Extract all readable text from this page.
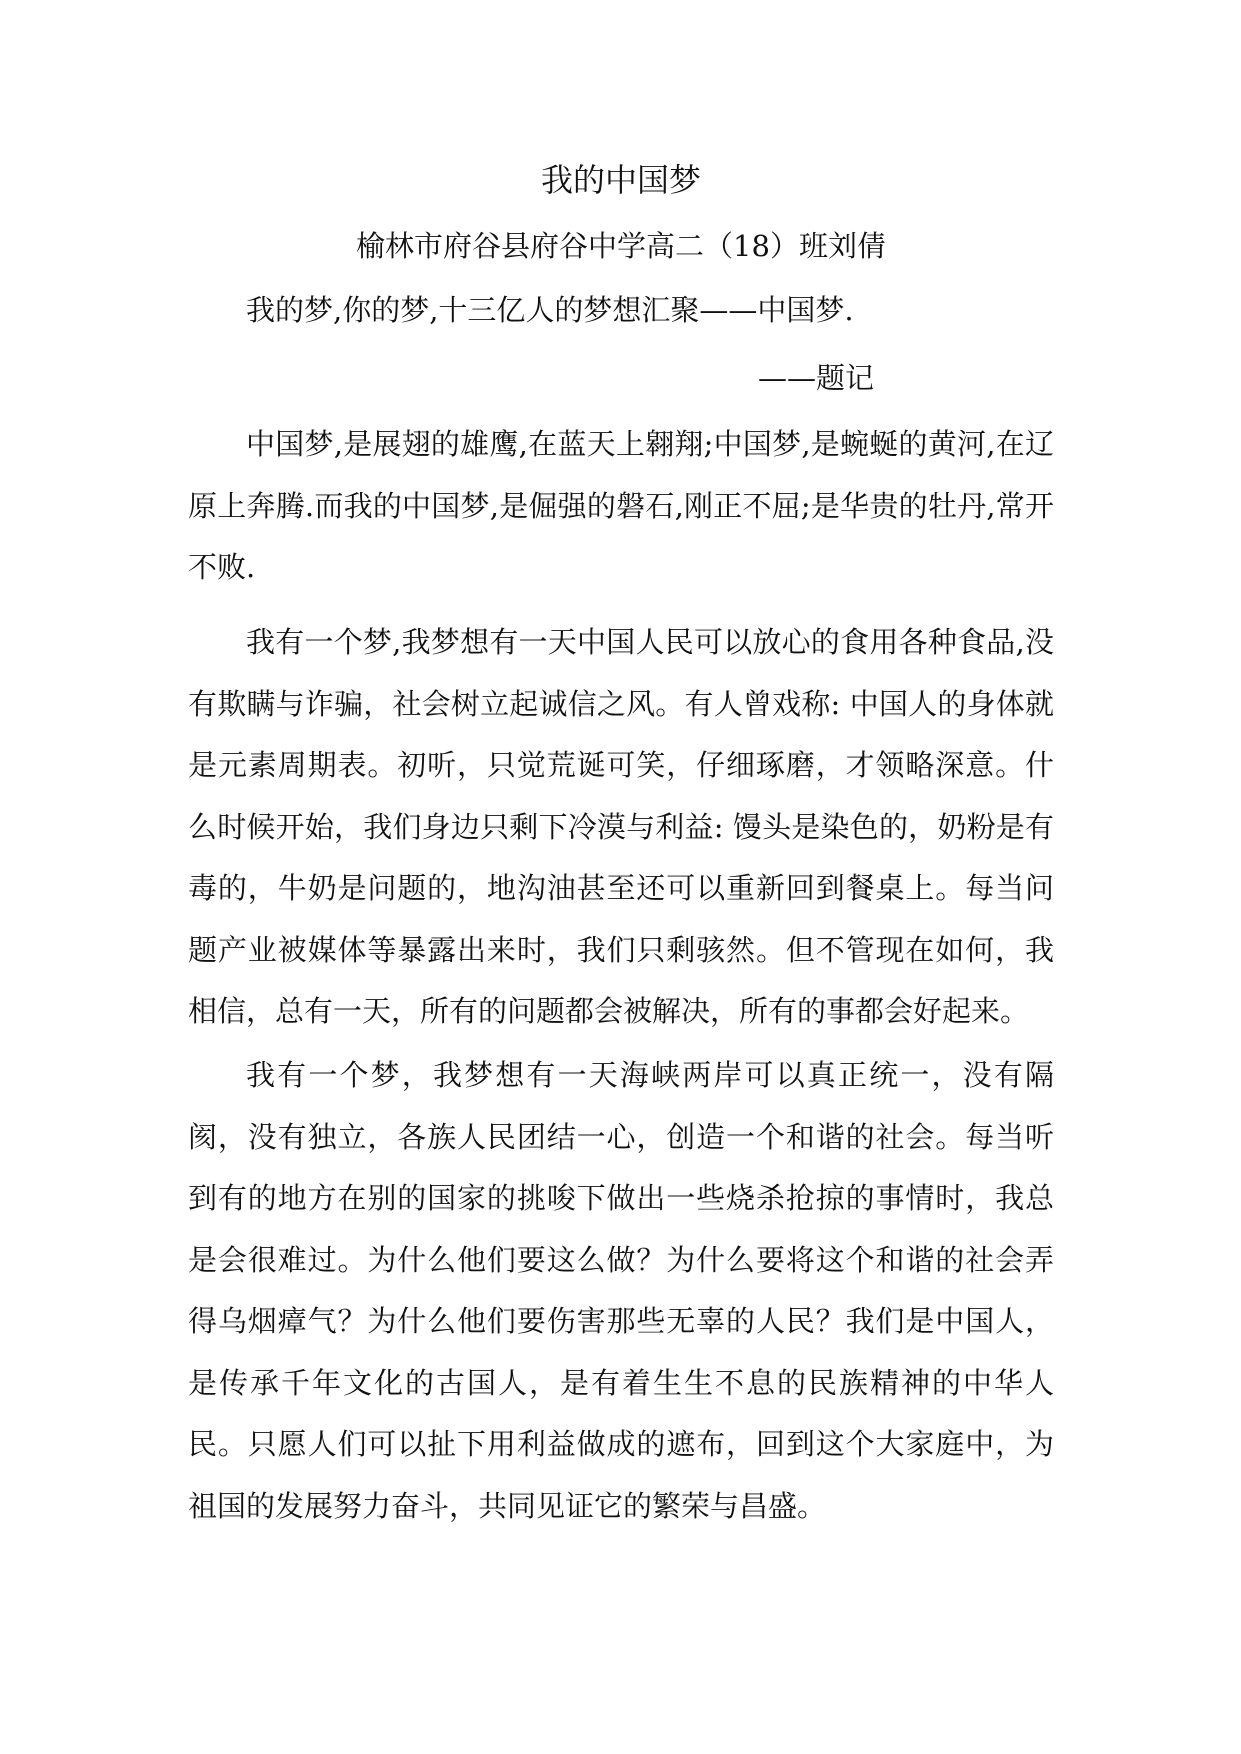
我的中国梦

榆林市府谷县府谷中学高二（18）班刘倩

我的梦,你的梦,十三亿人的梦想汇聚——中国梦.

——题记

中国梦,是展翅的雄鹰,在蓝天上翱翔;中国梦,是蜿蜒的黄河,在辽原上奔腾.而我的中国梦,是倔强的磐石,刚正不屈;是华贵的牡丹,常开不败.

我有一个梦,我梦想有一天中国人民可以放心的食用各种食品,没有欺瞒与诈骗，社会树立起诚信之风。有人曾戏称: 中国人的身体就是元素周期表。初听，只觉荒诞可笑，仔细琢磨，才领略深意。什么时候开始，我们身边只剩下冷漠与利益: 馒头是染色的，奶粉是有毒的，牛奶是问题的，地沟油甚至还可以重新回到餐桌上。每当问题产业被媒体等暴露出来时，我们只剩骇然。但不管现在如何，我相信，总有一天，所有的问题都会被解决，所有的事都会好起来。

我有一个梦，我梦想有一天海峡两岸可以真正统一，没有隔阂，没有独立，各族人民团结一心，创造一个和谐的社会。每当听到有的地方在别的国家的挑唆下做出一些烧杀抢掠的事情时，我总是会很难过。为什么他们要这么做？为什么要将这个和谐的社会弄得乌烟瘴气？为什么他们要伤害那些无辜的人民？我们是中国人，是传承千年文化的古国人，是有着生生不息的民族精神的中华人民。只愿人们可以扯下用利益做成的遮布，回到这个大家庭中，为祖国的发展努力奋斗，共同见证它的繁荣与昌盛。
